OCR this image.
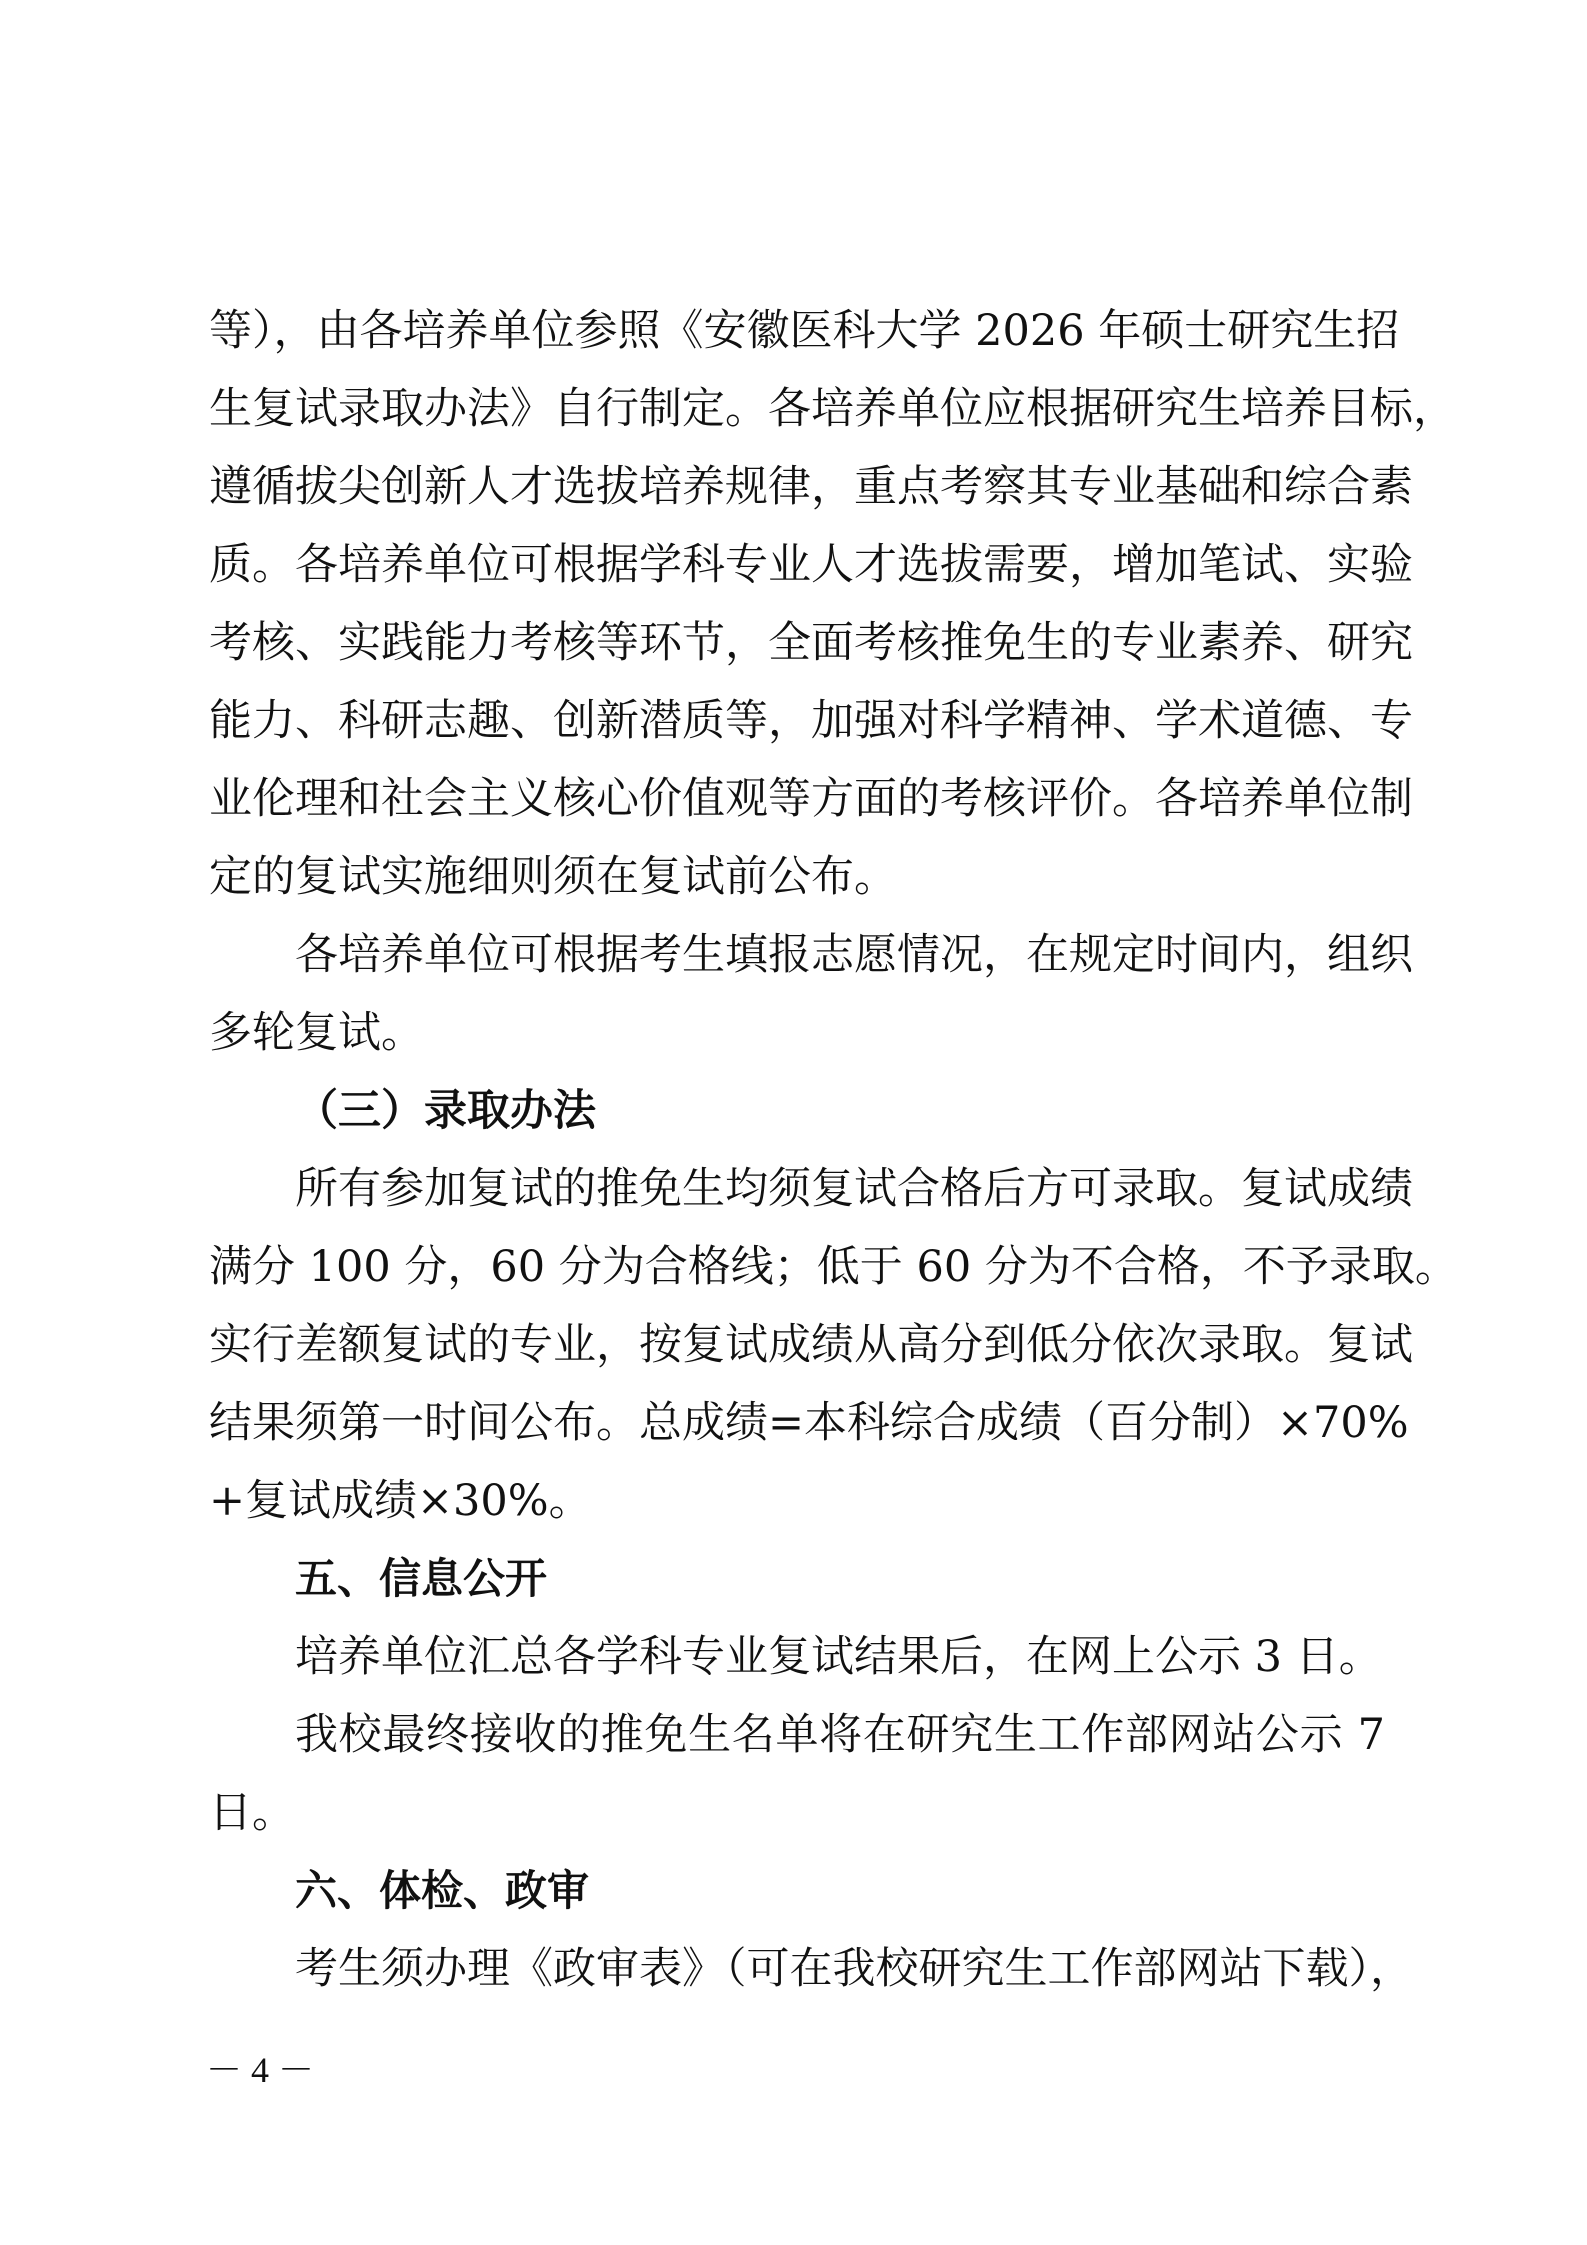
等），由各培养单位参照《安徽医科大学 2026 年硕士研究生招
生复试录取办法》自行制定。各培养单位应根据研究生培养目标，
遵循拔尖创新人才选拔培养规律，重点考察其专业基础和综合素
质。各培养单位可根据学科专业人才选拔需要，增加笔试、实验
考核、实践能力考核等环节，全面考核推免生的专业素养、研究
能力、科研志趣、创新潜质等，加强对科学精神、学术道德、专
业伦理和社会主义核心价值观等方面的考核评价。各培养单位制
定的复试实施细则须在复试前公布。
各培养单位可根据考生填报志愿情况，在规定时间内，组织
多轮复试。
（三）录取办法
所有参加复试的推免生均须复试合格后方可录取。复试成绩
满分 100 分，60 分为合格线；低于 60 分为不合格，不予录取。
实行差额复试的专业，按复试成绩从高分到低分依次录取。复试
结果须第一时间公布。总成绩=本科综合成绩（百分制）×70%
+复试成绩×30%。
五、信息公开
培养单位汇总各学科专业复试结果后，在网上公示 3 日。
我校最终接收的推免生名单将在研究生工作部网站公示 7
日。
六、体检、政审
考生须办理《政审表》（可在我校研究生工作部网站下载），
－ 4 －
